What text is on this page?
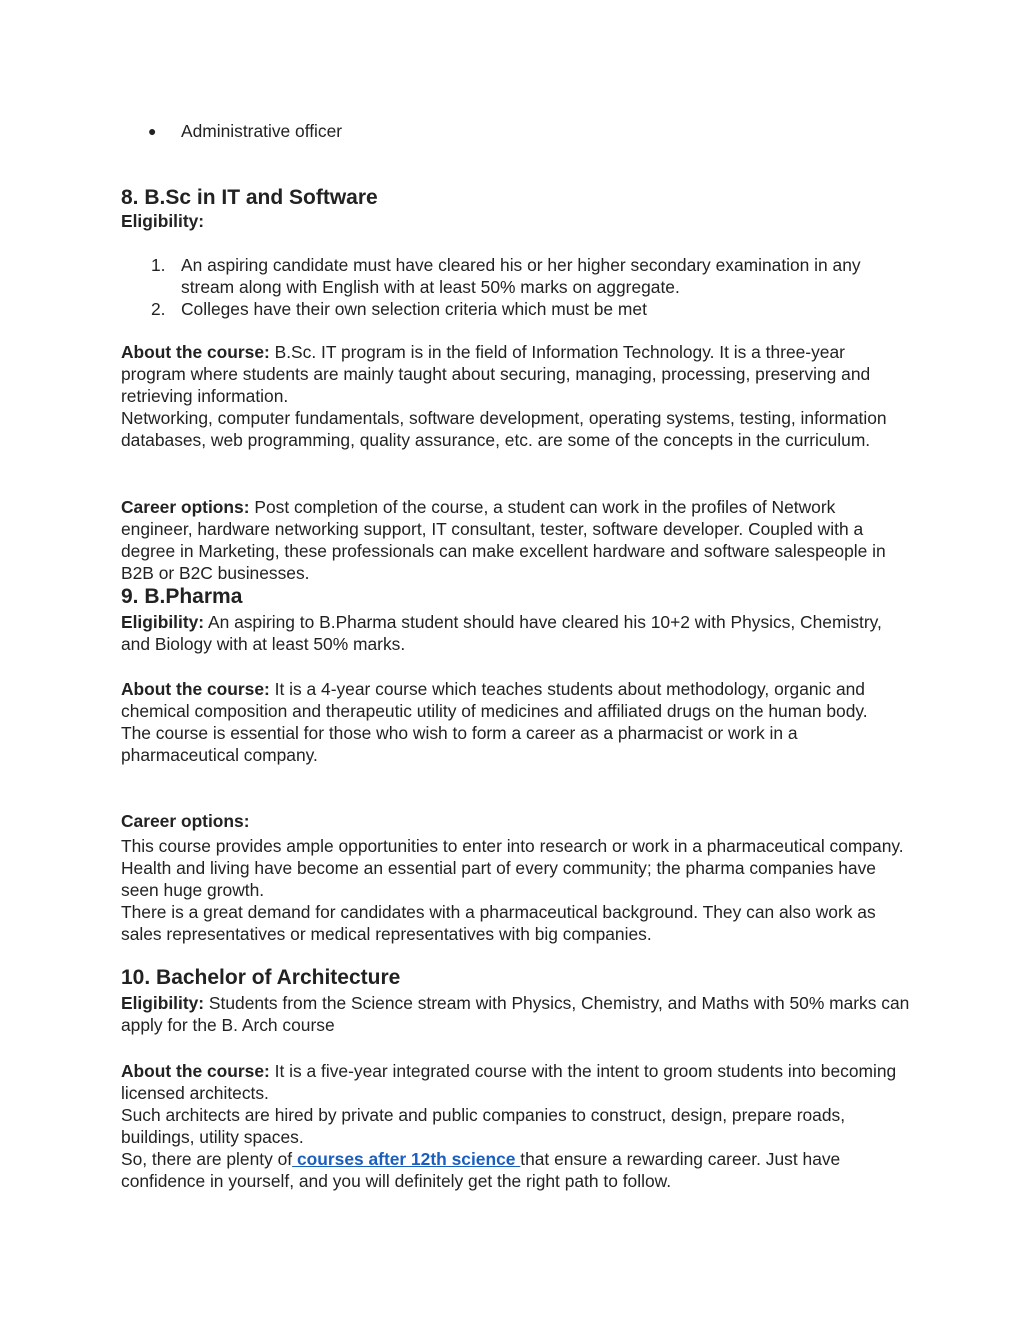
● Administrative officer
8. B.Sc in IT and Software
Eligibility:
1. An aspiring candidate must have cleared his or her higher secondary examination in any stream along with English with at least 50% marks on aggregate.
2. Colleges have their own selection criteria which must be met

About the course: B.Sc. IT program is in the field of Information Technology. It is a three-year program where students are mainly taught about securing, managing, processing, preserving and retrieving information.

Networking, computer fundamentals, software development, operating systems, testing, information databases, web programming, quality assurance, etc. are some of the concepts in the curriculum.

Career options: Post completion of the course, a student can work in the profiles of Network engineer, hardware networking support, IT consultant, tester, software developer. Coupled with a degree in Marketing, these professionals can make excellent hardware and software salespeople in B2B or B2C businesses.

9. B.Pharma

Eligibility: An aspiring to B.Pharma student should have cleared his 10+2 with Physics, Chemistry, and Biology with at least 50% marks.

About the course: It is a 4-year course which teaches students about methodology, organic and chemical composition and therapeutic utility of medicines and affiliated drugs on the human body.

The course is essential for those who wish to form a career as a pharmacist or work in a pharmaceutical company.

Career options:

This course provides ample opportunities to enter into research or work in a pharmaceutical company.

Health and living have become an essential part of every community; the pharma companies have seen huge growth.

There is a great demand for candidates with a pharmaceutical background. They can also work as sales representatives or medical representatives with big companies.

10. Bachelor of Architecture

Eligibility: Students from the Science stream with Physics, Chemistry, and Maths with 50% marks can apply for the B. Arch course

About the course: It is a five-year integrated course with the intent to groom students into becoming licensed architects.

Such architects are hired by private and public companies to construct, design, prepare roads, buildings, utility spaces.

So, there are plenty of courses after 12th science that ensure a rewarding career. Just have confidence in yourself, and you will definitely get the right path to follow.
